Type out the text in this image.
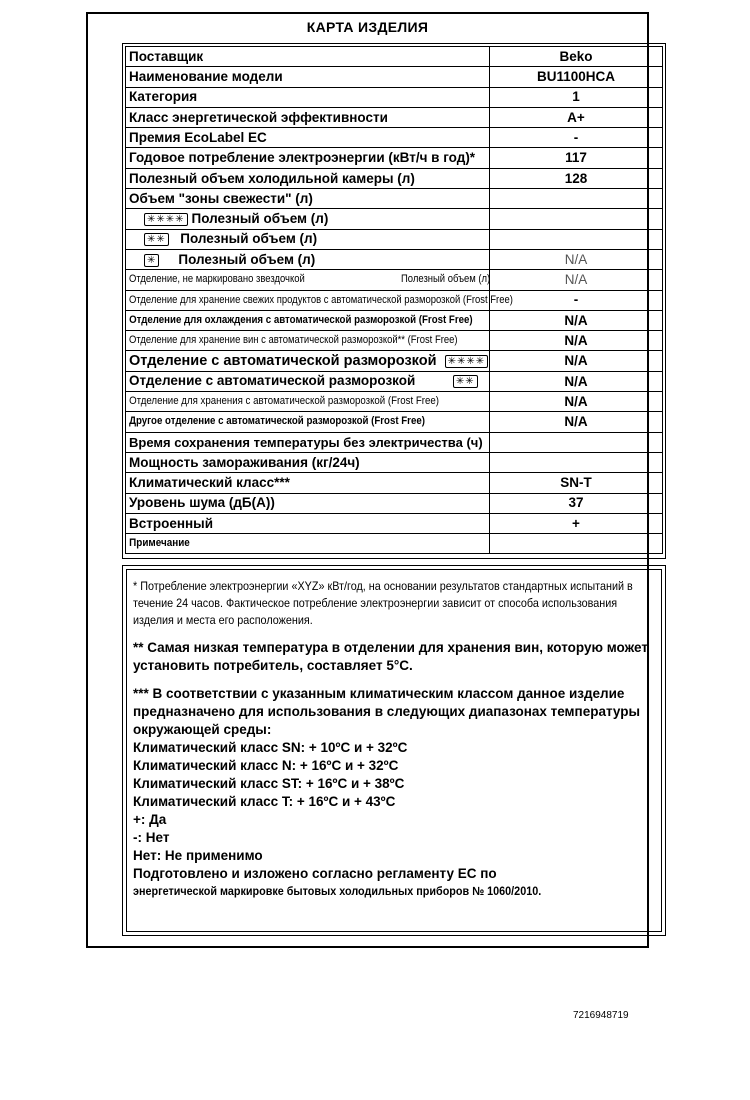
КАРТА ИЗДЕЛИЯ
Поставщик	Beko
Наименование модели	BU1100HCA
Категория	1
Класс энергетической эффективности	A+
Премия EcoLabel EC	-
Годовое потребление электроэнергии (кВт/ч в год)*	117
Полезный объем холодильной камеры (л)	128
Объем "зоны свежести" (л)	
✳✳✳✳ Полезный объем (л)	
✳✳ Полезный объем (л)	
✳ Полезный объем (л)	N/A

Отделение, не маркировано звездочкой Полезный объем (л)	N/A
Отделение для хранение свежих продуктов с автоматической разморозкой (Frost Free)	-
Отделение для охлаждения с автоматической разморозкой (Frost Free)	N/A
Отделение для хранение вин с автоматической разморозкой** (Frost Free)	N/A
Отделение с автоматической разморозкой ✳✳✳✳	N/A
Отделение с автоматической разморозкой ✳✳	N/A
Отделение для хранения с автоматической разморозкой (Frost Free)	N/A
Другое отделение с автоматической разморозкой (Frost Free)	N/A
Время сохранения температуры без электричества (ч)	
Мощность замораживания (кг/24ч)	
Климатический класс***	SN-T
Уровень шума (дБ(А))	37
Встроенный	+
Примечание	
* Потребление электроэнергии «XYZ» кВт/год, на основании результатов стандартных испытаний в течение 24 часов. Фактическое потребление электроэнергии зависит от способа использования изделия и места его расположения.
** Самая низкая температура в отделении для хранения вин, которую может установить потребитель, составляет 5°C.
*** В соответствии с указанным климатическим классом данное изделие предназначено для использования в следующих диапазонах температуры окружающей среды:
Климатический класс SN: + 10ºC и + 32ºC
Климатический класс N: + 16ºC и + 32ºC
Климатический класс ST: + 16ºC и + 38ºC
Климатический класс T: + 16ºC и + 43ºC
+: Да
-: Нет
Нет: Не применимо
Подготовлено и изложено согласно регламенту ЕС по
энергетической маркировке бытовых холодильных приборов № 1060/2010.
7216948719
